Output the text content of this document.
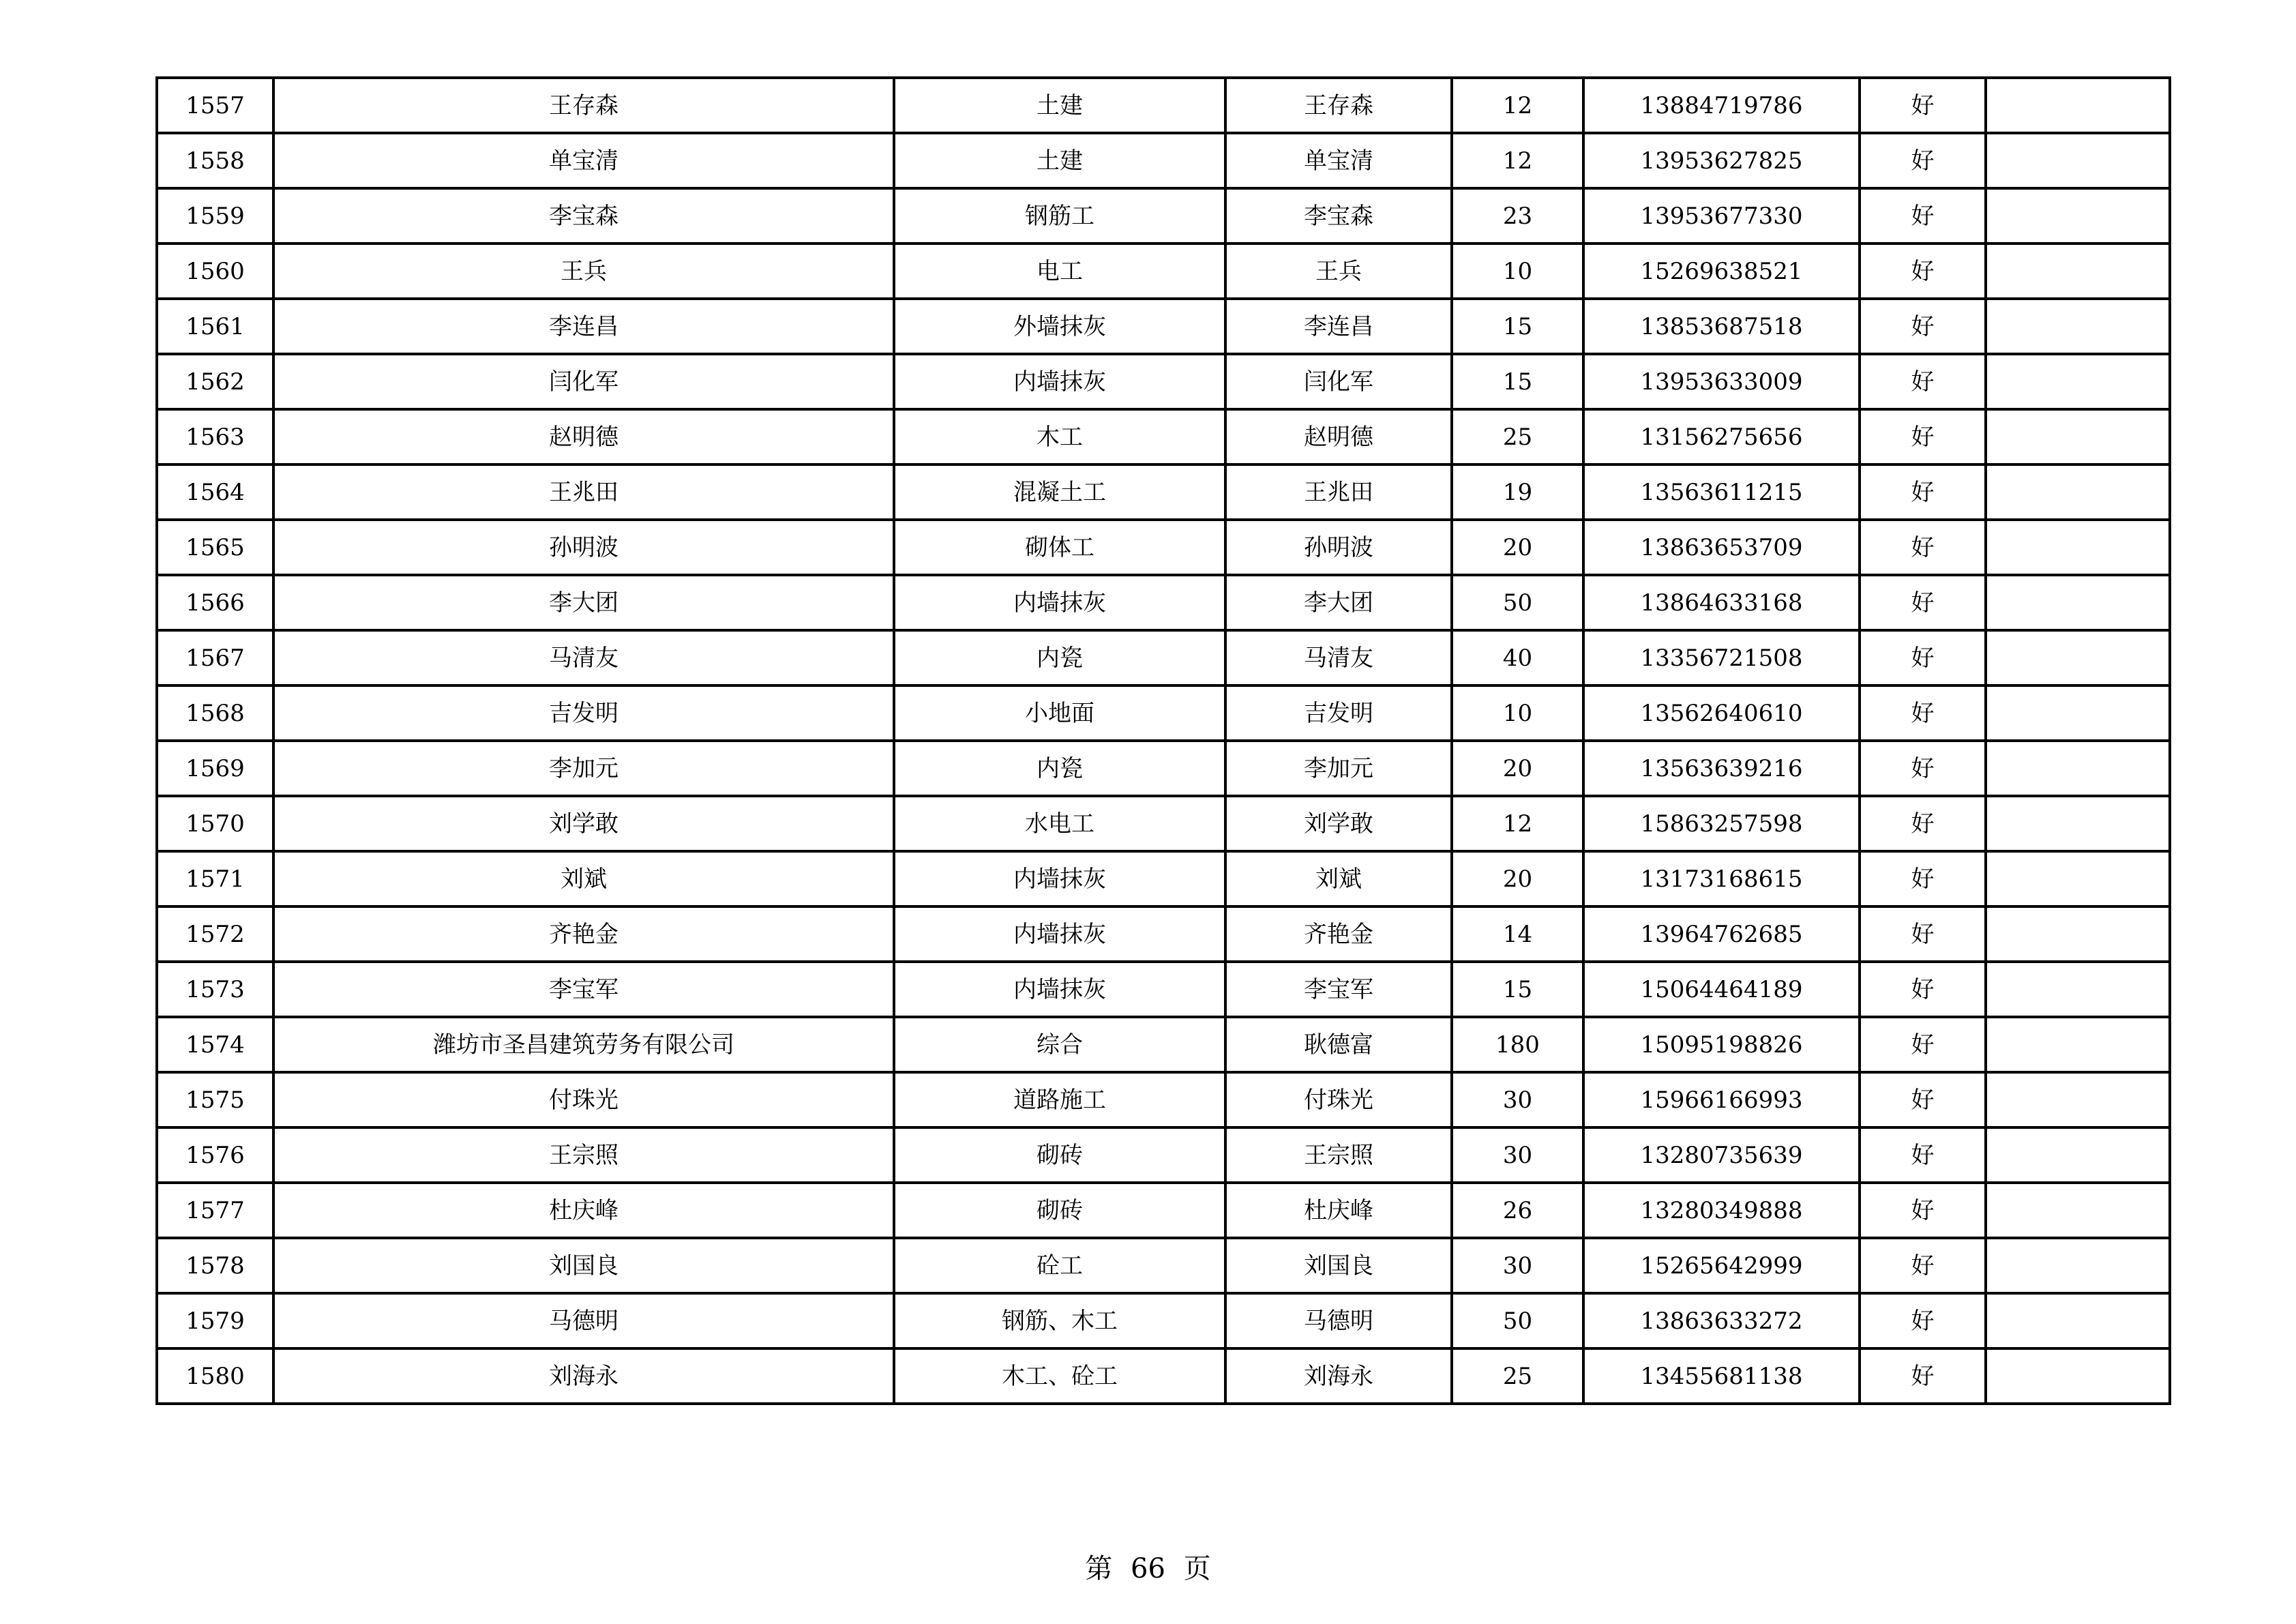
1557	王存森	土建	王存森	12	13884719786	好	
1558	单宝清	土建	单宝清	12	13953627825	好	
1559	李宝森	钢筋工	李宝森	23	13953677330	好	
1560	王兵	电工	王兵	10	15269638521	好	
1561	李连昌	外墙抹灰	李连昌	15	13853687518	好	
1562	闫化军	内墙抹灰	闫化军	15	13953633009	好	
1563	赵明德	木工	赵明德	25	13156275656	好	
1564	王兆田	混凝土工	王兆田	19	13563611215	好	
1565	孙明波	砌体工	孙明波	20	13863653709	好	
1566	李大团	内墙抹灰	李大团	50	13864633168	好	
1567	马清友	内瓷	马清友	40	13356721508	好	
1568	吉发明	小地面	吉发明	10	13562640610	好	
1569	李加元	内瓷	李加元	20	13563639216	好	
1570	刘学敢	水电工	刘学敢	12	15863257598	好	
1571	刘斌	内墙抹灰	刘斌	20	13173168615	好	
1572	齐艳金	内墙抹灰	齐艳金	14	13964762685	好	
1573	李宝军	内墙抹灰	李宝军	15	15064464189	好	
1574	潍坊市圣昌建筑劳务有限公司	综合	耿德富	180	15095198826	好	
1575	付珠光	道路施工	付珠光	30	15966166993	好	
1576	王宗照	砌砖	王宗照	30	13280735639	好	
1577	杜庆峰	砌砖	杜庆峰	26	13280349888	好	
1578	刘国良	砼工	刘国良	30	15265642999	好	
1579	马德明	钢筋、木工	马德明	50	13863633272	好	
1580	刘海永	木工、砼工	刘海永	25	13455681138	好	
第 66 页
